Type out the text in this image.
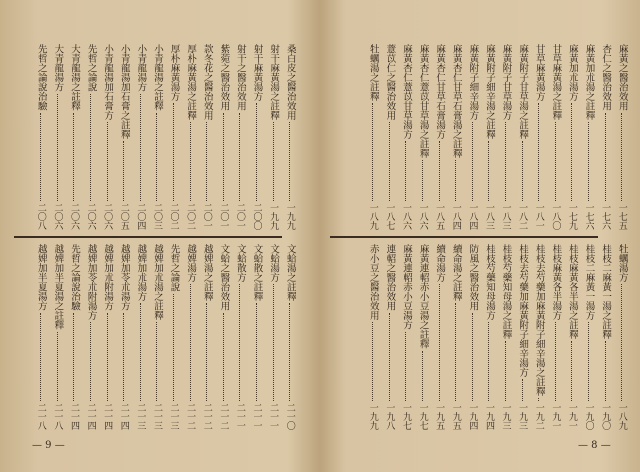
桑白皮之醫治效用
一九九
射干麻黃湯之註釋
一九九
射干麻黃湯方
二〇〇
射干之醫治效用
二〇一
紫菀之醫治效用
二〇一
款冬花之醫治效用
二〇一
厚朴麻黃湯之註釋
二〇二
厚朴麻黃湯方
二〇二
小青龍湯之註釋
二〇三
小青龍湯方
二〇四
小青龍湯加石膏之註釋
二〇五
小青龍湯加石膏方
二〇六
先哲之論說
二〇六
大青龍湯之註釋
二〇六
大青龍湯方
二〇六
先哲之論說治驗
二〇八
文蛤湯之註釋
二一〇
文蛤湯方
二一一
文蛤散之註釋
二一一
文蛤散方
二一一
文蛤之醫治效用
二一二
越婢湯之註釋
二一二
越婢湯方
二一二
先哲之論說
二一三
越婢加朮湯之註釋
二一三
越婢加朮湯方
二一三
越婢加苓朮湯方
二一四
越婢加朮附湯方
二一四
越婢加苓朮附湯方
二一四
先哲之論說治驗
二一四
越婢加半夏湯之註釋
二一八
越婢加半夏湯方
二一八
— 9 —
麻黃之醫治效用
一七五
杏仁之醫治效用
一七六
麻黃加朮湯之註釋
一七六
麻黃加朮湯方
一七九
甘草麻黃湯之註釋
一八〇
甘草麻黃湯方
一八一
麻黃附子甘草湯之註釋
一八二
麻黃附子甘草湯方
一八三
麻黃附子細辛湯之註釋
一八三
麻黃附子細辛湯方
一八四
麻黃杏仁甘草石膏湯之註釋
一八四
麻黃杏仁甘草石膏湯方
一八五
麻黃杏仁薏苡甘草湯之註釋
一八六
麻黃杏仁薏苡甘草湯方
一八六
薏苡仁之醫治效用
一八七
牡蠣湯之註釋
一八九
牡蠣湯方
一八九
桂枝二麻黃一湯之註釋
一九〇
桂枝二麻黃一湯方
一九〇
桂枝麻黃各半湯之註釋
一九一
桂枝麻黃各半湯方
一九一
桂枝去芍藥加麻黃附子細辛湯之註釋
一九二
桂枝去芍藥加麻黃附子細辛湯方
一九三
桂枝芍藥知母湯之註釋
一九三
桂枝芍藥知母湯方
一九四
防風之醫治效用
一九四
續命湯之註釋
一九五
續命湯方
一九五
麻黃連軺赤小豆湯之註釋
一九七
麻黃連軺赤小豆湯方
一九七
連軺之醫治效用
一九八
赤小豆之醫治效用
一九九
— 8 —
